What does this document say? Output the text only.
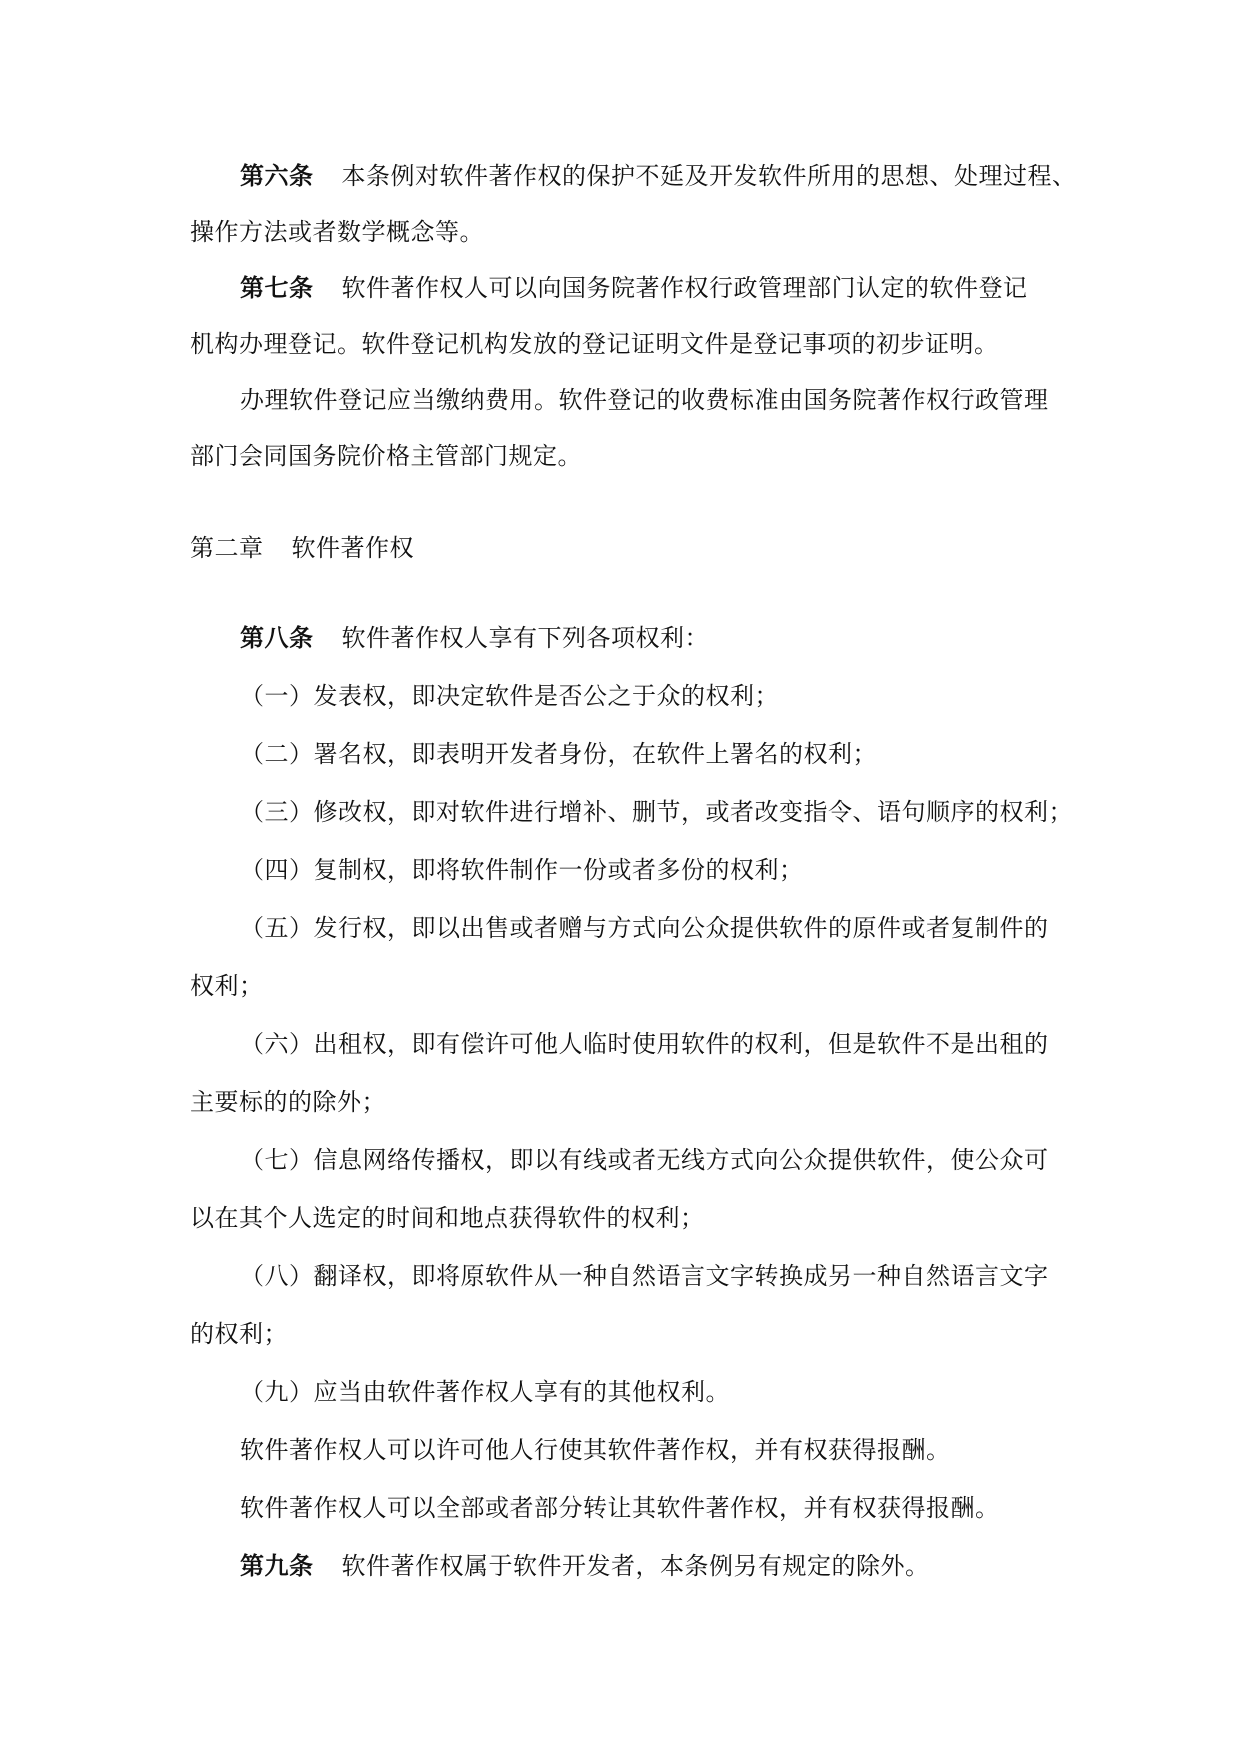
第六条 本条例对软件著作权的保护不延及开发软件所用的思想、处理过程、
操作方法或者数学概念等。
第七条 软件著作权人可以向国务院著作权行政管理部门认定的软件登记
机构办理登记。软件登记机构发放的登记证明文件是登记事项的初步证明。
办理软件登记应当缴纳费用。软件登记的收费标准由国务院著作权行政管理
部门会同国务院价格主管部门规定。
第二章 软件著作权
第八条 软件著作权人享有下列各项权利：
（一）发表权，即决定软件是否公之于众的权利；
（二）署名权，即表明开发者身份，在软件上署名的权利；
（三）修改权，即对软件进行增补、删节，或者改变指令、语句顺序的权利；
（四）复制权，即将软件制作一份或者多份的权利；
（五）发行权，即以出售或者赠与方式向公众提供软件的原件或者复制件的
权利；
（六）出租权，即有偿许可他人临时使用软件的权利，但是软件不是出租的
主要标的的除外；
（七）信息网络传播权，即以有线或者无线方式向公众提供软件，使公众可
以在其个人选定的时间和地点获得软件的权利；
（八）翻译权，即将原软件从一种自然语言文字转换成另一种自然语言文字
的权利；
（九）应当由软件著作权人享有的其他权利。
软件著作权人可以许可他人行使其软件著作权，并有权获得报酬。
软件著作权人可以全部或者部分转让其软件著作权，并有权获得报酬。
第九条 软件著作权属于软件开发者，本条例另有规定的除外。
